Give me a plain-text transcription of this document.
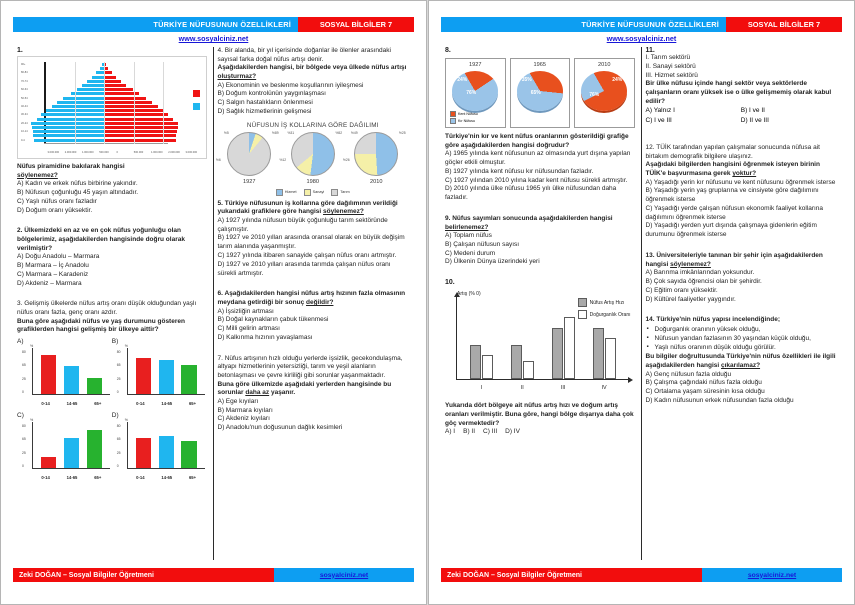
TÜRKİYE NÜFUSUNUN ÖZELLİKLERİ	SOSYAL BİLGİLER 7
www.sosyalciniz.net
1.
3.000.000 2.000.000 1.000.000 500.000	0	500.000	1.000.000 2.000.000 3.000.000
90+
80-84
70-74
60-64
50-54
40-44
30-34
20-24
10-14
0-4
Nüfus piramidine bakılarak hangisi
söylenemez?
A) Kadın ve erkek nüfus birbirine yakındır.
B) Nüfusun çoğunluğu 45 yaşın altındadır.
C) Yaşlı nüfus oranı fazladır
D) Doğum oranı yüksektir.
2. Ülkemizdeki en az ve en çok nüfus yoğunluğu olan bölgelerimiz, aşağıdakilerden hangisinde doğru olarak verilmiştir?
A) Doğu Anadolu – Marmara
B) Marmara – İç Anadolu
C) Marmara – Karadeniz
D) Akdeniz – Marmara
3. Gelişmiş ülkelerde nüfus artış oranı düşük olduğundan yaşlı nüfus oranı fazla, genç oranı azdır.
Buna göre aşağıdaki nüfus ve yaş durumunu gösteren grafiklerden hangisi gelişmiş bir ülkeye aittir?
A)
%
80
65
25
0
0-14	14-65	65+
B)
%
80
65
25
0
0-14	14-65	65+
C)
%
80
65
25
0
0-14	14-65	65+
D)
%
80
65
25
0
0-14	14-65	65+
4. Bir alanda, bir yıl içerisinde doğanlar ile ölenler arasındaki sayısal farka doğal nüfus artışı denir.
Aşağıdakilerden hangisi, bir bölgede veya ülkede nüfus artışı oluşturmaz?
A) Ekonominin ve beslenme koşullarının iyileşmesi
B) Doğum kontrolünün yaygınlaşması
C) Salgın hastalıkların önlenmesi
D) Sağlık hizmetlerinin gelişmesi
NÜFUSUN İŞ KOLLARINA GÖRE DAĞILIMI
%5
%6
%89
1927
%31
%12
%52
1980
%49
%26
%25
2010
Hizmet	Sanayi	Tarım
5. Türkiye nüfusunun iş kollarına göre dağılımının verildiği yukarıdaki grafiklere göre hangisi söylenemez?
A) 1927 yılında nüfusun büyük çoğunluğu tarım sektöründe çalışmıştır.
B) 1927 ve 2010 yılları arasında oransal olarak en büyük değişim tarım alanında yaşanmıştır.
C) 1927 yılında itibaren sanayide çalışan nüfus oranı artmıştır.
D) 1927 ve 2010 yılları arasında tarımda çalışan nüfus oranı sürekli artmıştır.
6. Aşağıdakilerden hangisi nüfus artış hızının fazla olmasının meydana getirdiği bir sonuç değildir?
A) İşsizliğin artması
B) Doğal kaynakların çabuk tükenmesi
C) Milli gelirin artması
D) Kalkınma hızının yavaşlaması
7. Nüfus artışının hızlı olduğu yerlerde işsizlik, gecekondulaşma, altyapı hizmetlerinin yetersizliği, tarım ve yeşil alanların betonlaşması ve çevre kirliliği gibi sorunlar yaşanmaktadır.
Buna göre ülkemizde aşağıdaki yerlerden hangisinde bu sorunlar daha az yaşanır.
A) Ege kıyıları
B) Marmara kıyıları
C) Akdeniz kıyıları
D) Anadolu'nun doğusunun dağlık kesimleri
Zeki DOĞAN – Sosyal Bilgiler Öğretmeni	sosyalciniz.net
TÜRKİYE NÜFUSUNUN ÖZELLİKLERİ	SOSYAL BİLGİLER 7
www.sosyalciniz.net
8.
1927
24%
76%
Kent Nüfusu
Kır Nüfusu
1965
35%
65%
2010
76%
24%
Türkiye'nin kır ve kent nüfus oranlarının gösterildiği grafiğe göre aşağıdakilerden hangisi doğrudur?
A) 1965 yılında kent nüfusunun az olmasında yurt dışına yapılan göçler etkili olmuştur.
B) 1927 yılında kent nüfusu kır nüfusundan fazladır.
C) 1927 yılından 2010 yılına kadar kent nüfusu sürekli artmıştır.
D) 2010 yılında ülke nüfusu 1965 yılı ülke nüfusundan daha fazladır.
9. Nüfus sayımları sonucunda aşağıdakilerden hangisi belirlenemez?
A) Toplam nüfus
B) Çalışan nüfusun sayısı
C) Medeni durum
D) Ülkenin Dünya üzerindeki yeri
10.
Artış (% 0)
Nüfus Artış Hızı
Doğurganlık Oranı
I	II	III	IV
Yukarıda dört bölgeye ait nüfus artış hızı ve doğum artış oranları verilmiştir. Buna göre, hangi bölge dışarıya daha çok göç vermektedir?
A) I B) II C) III D) IV
11.
I. Tarım sektörü
II. Sanayi sektörü
III. Hizmet sektörü
Bir ülke nüfusu içinde hangi sektör veya sektörlerde çalışanların oranı yüksek ise o ülke gelişmemiş olarak kabul edilir?
A) Yalnız I	B) I ve II
C) I ve III	D) II ve III
12. TÜİK tarafından yapılan çalışmalar sonucunda nüfusa ait birtakım demografik bilgilere ulaşınız.
Aşağıdaki bilgilerden hangisini öğrenmek isteyen birinin TÜİK'e başvurmasına gerek yoktur?
A) Yaşadığı yerin kır nüfusunu ve kent nüfusunu öğrenmek isterse
B) Yaşadığı yerin yaş gruplarına ve cinsiyete göre dağılımını öğrenmek isterse
C) Yaşadığı yerde çalışan nüfusun ekonomik faaliyet kollarına dağılımını öğrenmek isterse
D) Yaşadığı yerden yurt dışında çalışmaya gidenlerin eğitim durumunu öğrenmek isterse
13. Üniversiteleriyle tanınan bir şehir için aşağıdakilerden hangisi söylenemez?
A) Barınma imkânlarından yoksundur.
B) Çok sayıda öğrencisi olan bir şehirdir.
C) Eğitim oranı yüksektir.
D) Kültürel faaliyetler yaygındır.
14. Türkiye'nin nüfus yapısı incelendiğinde;
▪ Doğurganlık oranının yüksek olduğu,
▪ Nüfusun yarıdan fazlasının 30 yaşından küçük olduğu,
▪ Yaşlı nüfus oranının düşük olduğu görülür.
Bu bilgiler doğrultusunda Türkiye'nin nüfus özellikleri ile ilgili aşağıdakilerden hangisi çıkarılamaz?
A) Genç nüfusun fazla olduğu
B) Çalışma çağındaki nüfus fazla olduğu
C) Ortalama yaşam süresinin kısa olduğu
D) Kadın nüfusunun erkek nüfusundan fazla olduğu
Zeki DOĞAN – Sosyal Bilgiler Öğretmeni	sosyalciniz.net
